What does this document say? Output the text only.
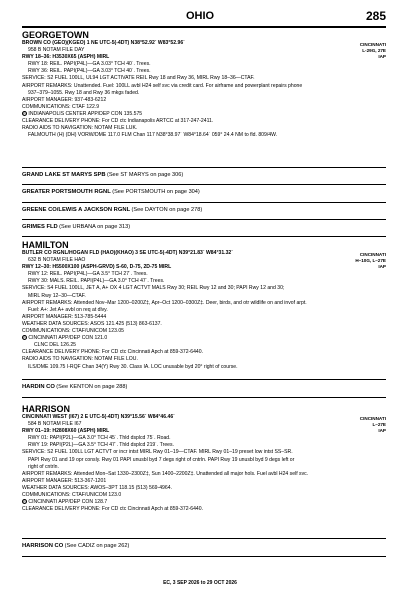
OHIO	285
GEORGETOWN
CINCINNATI
L-29G, 27E
IAP
BROWN CO (GEO)(KGEO) 1 NE UTC-5(-4DT) N38°52.92´ W83°52.96´
958 B NOTAM FILE DAY
RWY 18–36: H3530X65 (ASPH) MIRL
RWY 18: REIL. PAPI(P4L)—GA 3.03° TCH 40´. Trees.
RWY 36: REIL. PAPI(P4L)—GA 3.03° TCH 40´. Trees.
SERVICE: S2 FUEL 100LL, UL94 LGT ACTIVATE REIL Rwy 18 and Rwy 36, MIRL Rwy 18–36—CTAF.
AIRPORT REMARKS: Unattended. Fuel: 100LL avbl H24 self svc via credit card. For airframe and powerplant repairs phone
937–379–1055. Rwy 18 and Rwy 36 mkgs faded.
AIRPORT MANAGER: 937-483-6212
COMMUNICATIONS: CTAF 122.9
R INDIANAPOLIS CENTER APP/DEP CON 135.575
CLEARANCE DELIVERY PHONE: For CD ctc Indianapolis ARTCC at 317-247-2411.
RADIO AIDS TO NAVIGATION: NOTAM FILE LUK.
FALMOUTH (H) (DH) VORW/DME 117.0 FLM Chan 117 N38°38.97´ W84°18.64´ 059° 24.4 NM to fld. 809/4W.
GRAND LAKE ST MARYS SPB (See ST MARYS on page 306)
GREATER PORTSMOUTH RGNL (See PORTSMOUTH on page 304)
GREENE CO/LEWIS A JACKSON RGNL (See DAYTON on page 278)
GRIMES FLD (See URBANA on page 313)
HAMILTON
CINCINNATI
H–10G, L–27E
IAP
BUTLER CO RGNL/HOGAN FLD (HAO)(KHAO) 3 SE UTC-5(-4DT) N39°21.83´ W84°31.32´
632 B NOTAM FILE HAO
RWY 12–30: H5500X100 (ASPH-GRVD) S-60, D-75, 2D-75 MIRL
RWY 12: REIL. PAPI(P4L)—GA 3.5° TCH 27´. Trees.
RWY 30: MALS. REIL. PAPI(P4L)—GA 3.0° TCH 47´. Trees.
SERVICE: S4 FUEL 100LL, JET A, A+ OX 4 LGT ACTVT MALS Rwy 30; REIL Rwy 12 and 30; PAPI Rwy 12 and 30;
MIRL Rwy 12–30—CTAF.
AIRPORT REMARKS: Attended Nov–Mar 1200–0200Z‡, Apr–Oct 1200–0300Z‡. Deer, birds, and otr wildlife on and invof arpt.
Fuel: A+: Jet A+ avbl on req at dlvy.
AIRPORT MANAGER: 513-785-5444
WEATHER DATA SOURCES: ASOS 121.425 (513) 863-6137.
COMMUNICATIONS: CTAF/UNICOM 123.05
R CINCINNATI APP/DEP CON 121.0
CLNC DEL 126.25
CLEARANCE DELIVERY PHONE: For CD ctc Cincinnati Apch at 859-372-6440.
RADIO AIDS TO NAVIGATION: NOTAM FILE LOU.
ILS/DME 109.75 I-RQF Chan 34(Y) Rwy 30. Class IA. LOC unusable byd 20° right of course.
HARDIN CO (See KENTON on page 288)
HARRISON
CINCINNATI
L–27E
IAP
CINCINNATI WEST (I67) 2 E UTC-5(-4DT) N39°15.56´ W84°46.46´
584 B NOTAM FILE I67
RWY 01–19: H2808X60 (ASPH) MIRL
RWY 01: PAPI(P2L)—GA 3.0° TCH 45´. Thld dsplcd 75´. Road.
RWY 19: PAPI(P2L)—GA 3.5° TCH 47´. Thld dsplcd 219´. Trees.
SERVICE: S2 FUEL 100LL LGT ACTVT or incr intst MIRL Rwy 01–19—CTAF. MIRL Rwy 01–19 preset low intst SS–SR.
PAPI Rwy 01 and 19 opr consly. Rwy 01 PAPI unusbl byd 7 degs right of cntrln. PAPI Rwy 19 unusbl byd 9 degs left or
right of cntrln.
AIRPORT REMARKS: Attended Mon–Sat 1330–2300Z‡, Sun 1400–2200Z‡. Unattended all major hols. Fuel avbl H24 self svc.
AIRPORT MANAGER: 513-367-1201
WEATHER DATA SOURCES: AWOS–3PT 118.15 (513) 569-4964.
COMMUNICATIONS: CTAF/UNICOM 123.0
R CINCINNATI APP/DEP CON 128.7
CLEARANCE DELIVERY PHONE: For CD ctc Cincinnati Apch at 859-372-6440.
HARRISON CO (See CADIZ on page 262)
EC, 3 SEP 2026 to 29 OCT 2026
